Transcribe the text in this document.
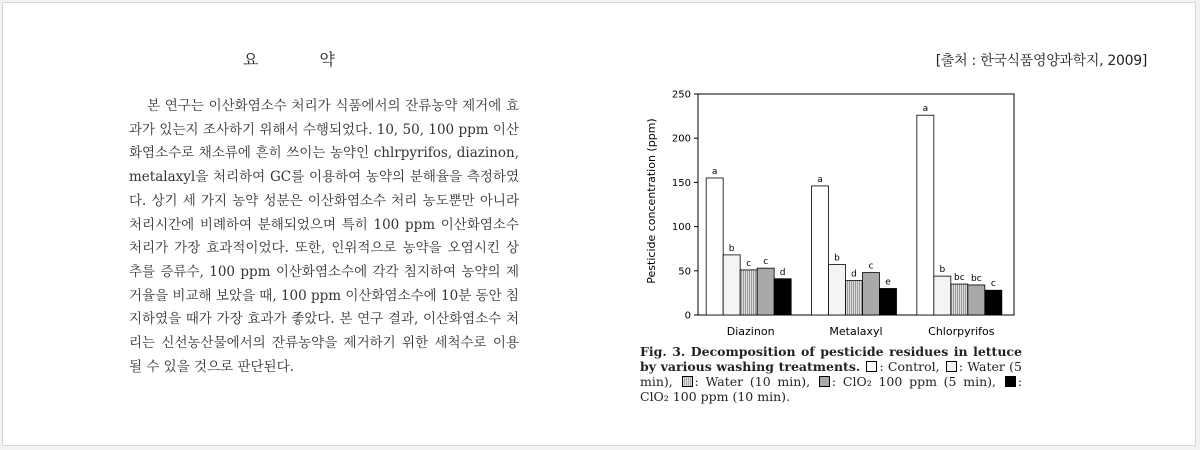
요 약	[출처 : 한국식품영양과학지, 2009]

본 연구는 이산화염소수 처리가 식품에서의 잔류농약 제거에 효과가 있는지 조사하기 위해서 수행되었다. 10, 50, 100 ppm 이산화염소수로 채소류에 흔히 쓰이는 농약인 chlrpyrifos, diazinon, metalaxyl을 처리하여 GC를 이용하여 농약의 분해율을 측정하였다. 상기 세 가지 농약 성분은 이산화염소수 처리 농도뿐만 아니라 처리시간에 비례하여 분해되었으며 특히 100 ppm 이산화염소수 처리가 가장 효과적이었다. 또한, 인위적으로 농약을 오염시킨 상추를 증류수, 100 ppm 이산화염소수에 각각 침지하여 농약의 제거율을 비교해 보았을 때, 100 ppm 이산화염소수에 10분 동안 침지하였을 때가 가장 효과가 좋았다. 본 연구 결과, 이산화염소수 처리는 신선농산물에서의 잔류농약을 제거하기 위한 세척수로 이용될 수 있을 것으로 판단된다.

0
50
100
150
200
250
a
b
c c
d
a
b
d
c
e
a
b
bc bc
c
Diazinon	Metalaxyl	Chlorpyrifos
Pesticide concentration (ppm)
Fig. 3. Decomposition of pesticide residues in lettuce by various washing treatments. : Control, : Water (5 min), : Water (10 min), : ClO₂ 100 ppm (5 min), : ClO₂ 100 ppm (10 min).
